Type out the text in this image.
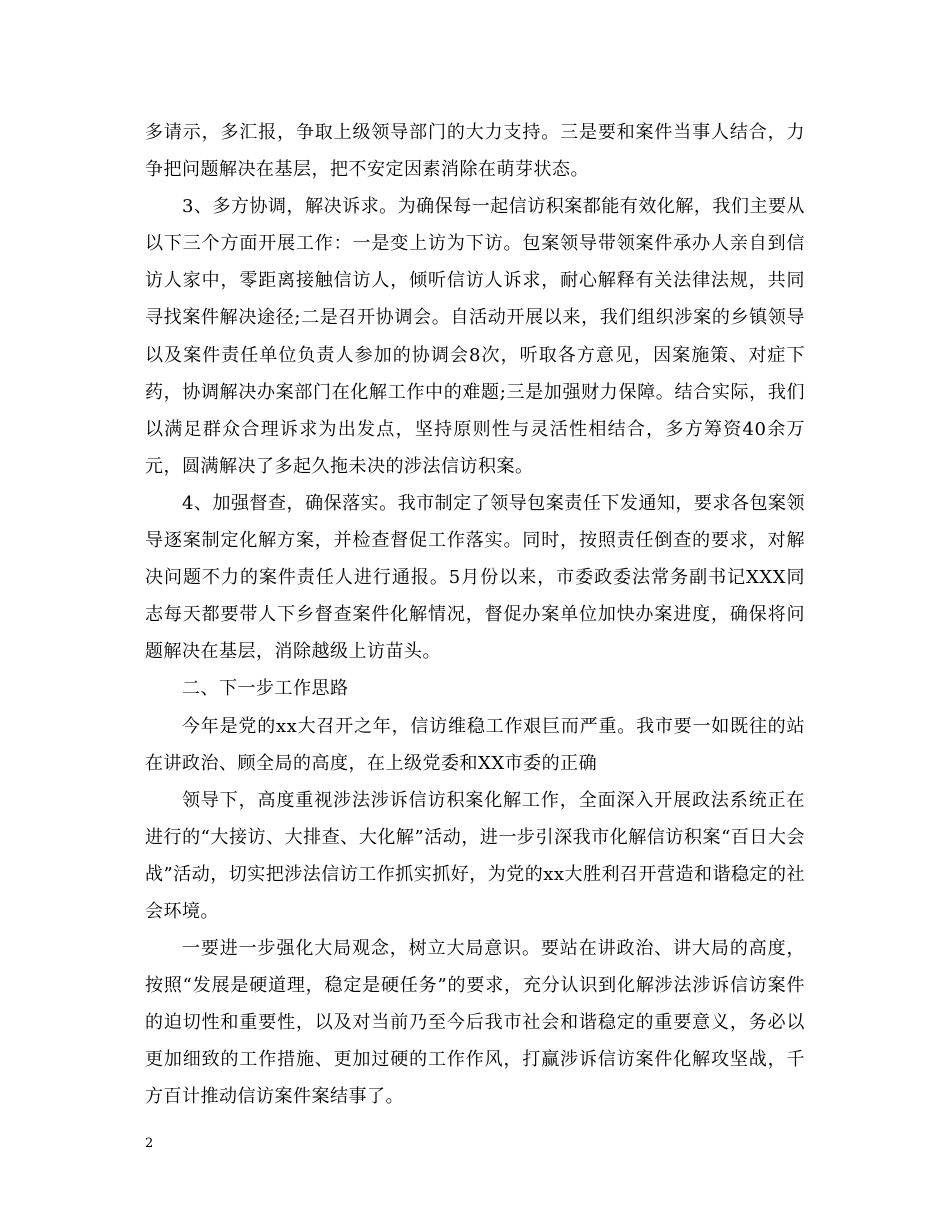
多请示，多汇报，争取上级领导部门的大力支持。三是要和案件当事人结合，力争把问题解决在基层，把不安定因素消除在萌芽状态。

3、多方协调，解决诉求。为确保每一起信访积案都能有效化解，我们主要从以下三个方面开展工作：一是变上访为下访。包案领导带领案件承办人亲自到信访人家中，零距离接触信访人，倾听信访人诉求，耐心解释有关法律法规，共同寻找案件解决途径;二是召开协调会。自活动开展以来，我们组织涉案的乡镇领导以及案件责任单位负责人参加的协调会8次，听取各方意见，因案施策、对症下药，协调解决办案部门在化解工作中的难题;三是加强财力保障。结合实际，我们以满足群众合理诉求为出发点，坚持原则性与灵活性相结合，多方筹资40余万元，圆满解决了多起久拖未决的涉法信访积案。

4、加强督查，确保落实。我市制定了领导包案责任下发通知，要求各包案领导逐案制定化解方案，并检查督促工作落实。同时，按照责任倒查的要求，对解决问题不力的案件责任人进行通报。5月份以来，市委政委法常务副书记XXX同志每天都要带人下乡督查案件化解情况，督促办案单位加快办案进度，确保将问题解决在基层，消除越级上访苗头。

二、下一步工作思路

今年是党的xx大召开之年，信访维稳工作艰巨而严重。我市要一如既往的站在讲政治、顾全局的高度，在上级党委和XX市委的正确

领导下，高度重视涉法涉诉信访积案化解工作，全面深入开展政法系统正在进行的“大接访、大排查、大化解”活动，进一步引深我市化解信访积案“百日大会战”活动，切实把涉法信访工作抓实抓好，为党的xx大胜利召开营造和谐稳定的社会环境。

一要进一步强化大局观念，树立大局意识。要站在讲政治、讲大局的高度，按照“发展是硬道理，稳定是硬任务”的要求，充分认识到化解涉法涉诉信访案件的迫切性和重要性，以及对当前乃至今后我市社会和谐稳定的重要意义，务必以更加细致的工作措施、更加过硬的工作作风，打赢涉诉信访案件化解攻坚战，千方百计推动信访案件案结事了。

2
